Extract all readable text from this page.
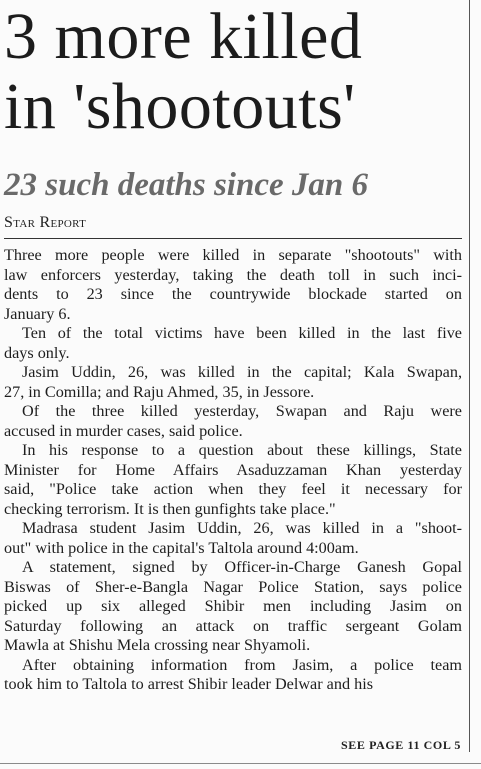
3 more killed
in 'shootouts'
23 such deaths since Jan 6
Star Report

Three more people were killed in separate "shootouts" with
law enforcers yesterday, taking the death toll in such inci-
dents to 23 since the countrywide blockade started on
January 6.

Ten of the total victims have been killed in the last five
days only.

Jasim Uddin, 26, was killed in the capital; Kala Swapan,
27, in Comilla; and Raju Ahmed, 35, in Jessore.

Of the three killed yesterday, Swapan and Raju were
accused in murder cases, said police.

In his response to a question about these killings, State
Minister for Home Affairs Asaduzzaman Khan yesterday
said, "Police take action when they feel it necessary for
checking terrorism. It is then gunfights take place."

Madrasa student Jasim Uddin, 26, was killed in a "shoot-
out" with police in the capital's Taltola around 4:00am.

A statement, signed by Officer-in-Charge Ganesh Gopal
Biswas of Sher-e-Bangla Nagar Police Station, says police
picked up six alleged Shibir men including Jasim on
Saturday following an attack on traffic sergeant Golam
Mawla at Shishu Mela crossing near Shyamoli.

After obtaining information from Jasim, a police team
took him to Taltola to arrest Shibir leader Delwar and his

SEE PAGE 11 COL 5
